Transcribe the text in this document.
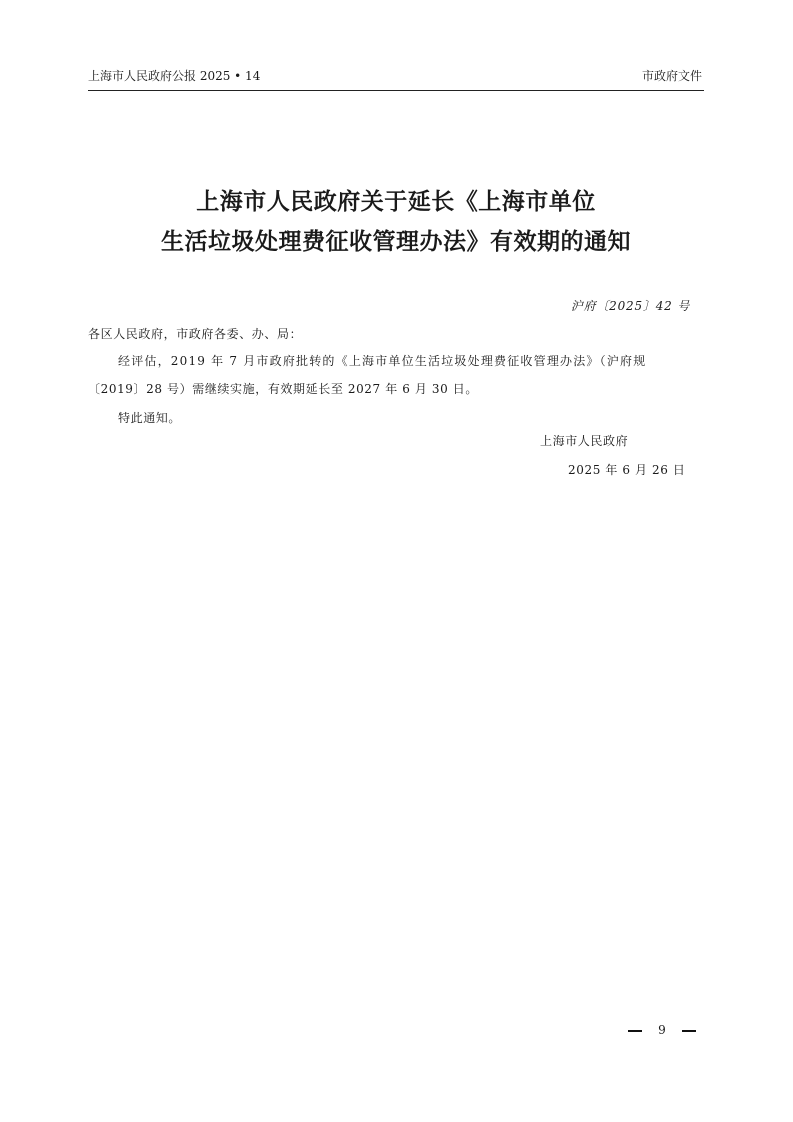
上海市人民政府公报 2025 • 14	市政府文件
上海市人民政府关于延长《上海市单位
生活垃圾处理费征收管理办法》有效期的通知
沪府〔2025〕42 号
各区人民政府，市政府各委、办、局：
经评估，2019 年 7 月市政府批转的《上海市单位生活垃圾处理费征收管理办法》（沪府规
〔2019〕28 号）需继续实施，有效期延长至 2027 年 6 月 30 日。
特此通知。
上海市人民政府
2025 年 6 月 26 日
9
